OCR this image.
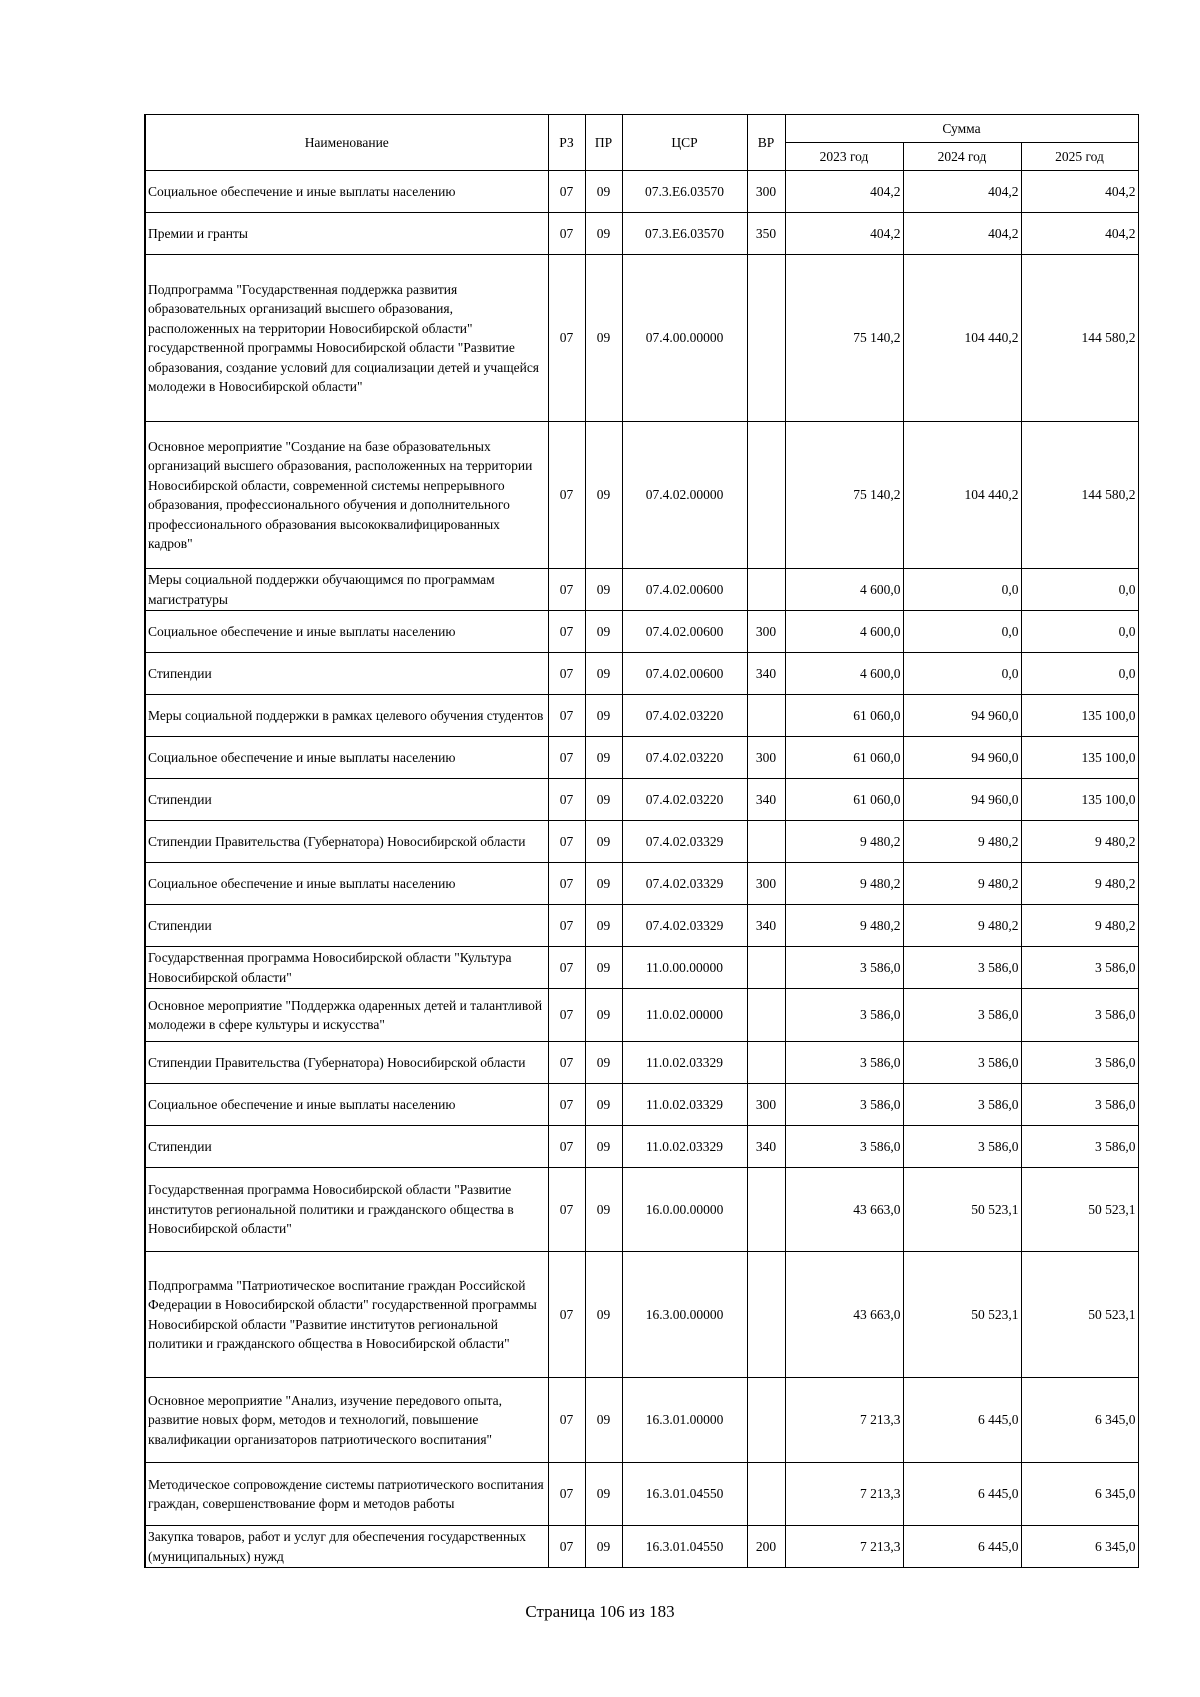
Наименование	РЗ	ПР	ЦСР	ВР	Сумма		
					2023 год	2024 год	2025 год
Социальное обеспечение и иные выплаты населению	07	09	07.3.Е6.03570	300	404,2	404,2	404,2
Премии и гранты	07	09	07.3.Е6.03570	350	404,2	404,2	404,2
Подпрограмма "Государственная поддержка развития образовательных организаций высшего образования, расположенных на территории Новосибирской области" государственной программы Новосибирской области "Развитие образования, создание условий для социализации детей и учащейся молодежи в Новосибирской области"	07	09	07.4.00.00000		75 140,2	104 440,2	144 580,2
Основное мероприятие "Создание на базе образовательных организаций высшего образования, расположенных на территории Новосибирской области, современной системы непрерывного образования, профессионального обучения и дополнительного профессионального образования высококвалифицированных кадров"	07	09	07.4.02.00000		75 140,2	104 440,2	144 580,2
Меры социальной поддержки обучающимся по программам магистратуры	07	09	07.4.02.00600		4 600,0	0,0	0,0
Социальное обеспечение и иные выплаты населению	07	09	07.4.02.00600	300	4 600,0	0,0	0,0
Стипендии	07	09	07.4.02.00600	340	4 600,0	0,0	0,0
Меры социальной поддержки в рамках целевого обучения студентов	07	09	07.4.02.03220		61 060,0	94 960,0	135 100,0
Социальное обеспечение и иные выплаты населению	07	09	07.4.02.03220	300	61 060,0	94 960,0	135 100,0
Стипендии	07	09	07.4.02.03220	340	61 060,0	94 960,0	135 100,0
Стипендии Правительства (Губернатора) Новосибирской области	07	09	07.4.02.03329		9 480,2	9 480,2	9 480,2
Социальное обеспечение и иные выплаты населению	07	09	07.4.02.03329	300	9 480,2	9 480,2	9 480,2
Стипендии	07	09	07.4.02.03329	340	9 480,2	9 480,2	9 480,2
Государственная программа Новосибирской области "Культура Новосибирской области"	07	09	11.0.00.00000		3 586,0	3 586,0	3 586,0
Основное мероприятие "Поддержка одаренных детей и талантливой молодежи в сфере культуры и искусства"	07	09	11.0.02.00000		3 586,0	3 586,0	3 586,0
Стипендии Правительства (Губернатора) Новосибирской области	07	09	11.0.02.03329		3 586,0	3 586,0	3 586,0
Социальное обеспечение и иные выплаты населению	07	09	11.0.02.03329	300	3 586,0	3 586,0	3 586,0
Стипендии	07	09	11.0.02.03329	340	3 586,0	3 586,0	3 586,0
Государственная программа Новосибирской области "Развитие институтов региональной политики и гражданского общества в Новосибирской области"	07	09	16.0.00.00000		43 663,0	50 523,1	50 523,1
Подпрограмма "Патриотическое воспитание граждан Российской Федерации в Новосибирской области" государственной программы Новосибирской области "Развитие институтов региональной политики и гражданского общества в Новосибирской области"	07	09	16.3.00.00000		43 663,0	50 523,1	50 523,1
Основное мероприятие "Анализ, изучение передового опыта, развитие новых форм, методов и технологий, повышение квалификации организаторов патриотического воспитания"	07	09	16.3.01.00000		7 213,3	6 445,0	6 345,0
Методическое сопровождение системы патриотического воспитания граждан, совершенствование форм и методов работы	07	09	16.3.01.04550		7 213,3	6 445,0	6 345,0
Закупка товаров, работ и услуг для обеспечения государственных (муниципальных) нужд	07	09	16.3.01.04550	200	7 213,3	6 445,0	6 345,0
Страница 106 из 183
